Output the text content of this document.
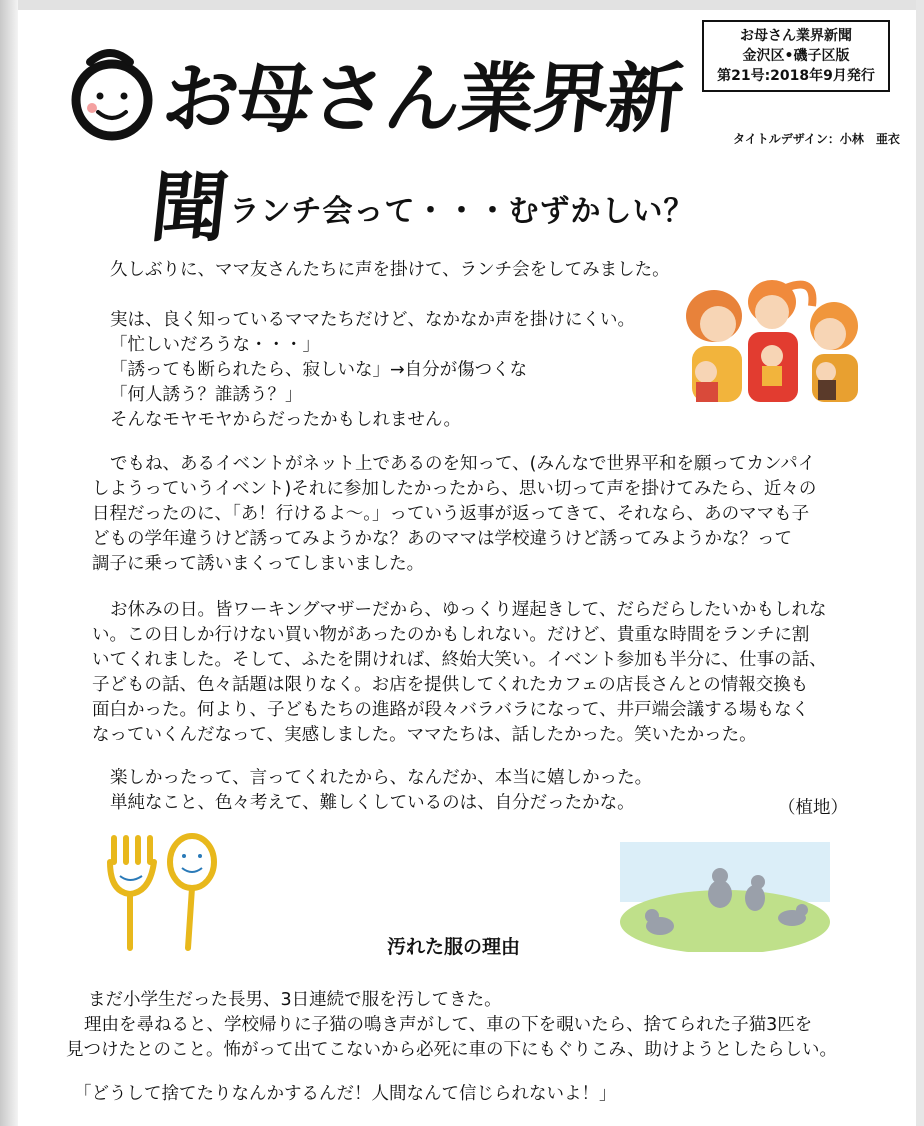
お母さん業界新聞
お母さん業界新聞
金沢区•磯子区版
第21号:2018年9月発行
タイトルデザイン：小林　亜衣
ランチ会って・・・むずかしい？
久しぶりに、ママ友さんたちに声を掛けて、ランチ会をしてみました。
実は、良く知っているママたちだけど、なかなか声を掛けにくい。
「忙しいだろうな・・・」
「誘っても断られたら、寂しいな」→自分が傷つくな
「何人誘う？誰誘う？」
そんなモヤモヤからだったかもしれません。
でもね、あるイベントがネット上であるのを知って、(みんなで世界平和を願ってカンパイ
しようっていうイベント)それに参加したかったから、思い切って声を掛けてみたら、近々の
日程だったのに、「あ！行けるよ～。」っていう返事が返ってきて、それなら、あのママも子
どもの学年違うけど誘ってみようかな？あのママは学校違うけど誘ってみようかな？って
調子に乗って誘いまくってしまいました。
お休みの日。皆ワーキングマザーだから、ゆっくり遅起きして、だらだらしたいかもしれな
い。この日しか行けない買い物があったのかもしれない。だけど、貴重な時間をランチに割
いてくれました。そして、ふたを開ければ、終始大笑い。イベント参加も半分に、仕事の話、
子どもの話、色々話題は限りなく。お店を提供してくれたカフェの店長さんとの情報交換も
面白かった。何より、子どもたちの進路が段々バラバラになって、井戸端会議する場もなく
なっていくんだなって、実感しました。ママたちは、話したかった。笑いたかった。
楽しかったって、言ってくれたから、なんだか、本当に嬉しかった。
単純なこと、色々考えて、難しくしているのは、自分だったかな。	（植地）
汚れた服の理由
まだ小学生だった長男、3日連続で服を汚してきた。
理由を尋ねると、学校帰りに子猫の鳴き声がして、車の下を覗いたら、捨てられた子猫3匹を
見つけたとのこと。怖がって出てこないから必死に車の下にもぐりこみ、助けようとしたらしい。
「どうして捨てたりなんかするんだ！人間なんて信じられないよ！」
